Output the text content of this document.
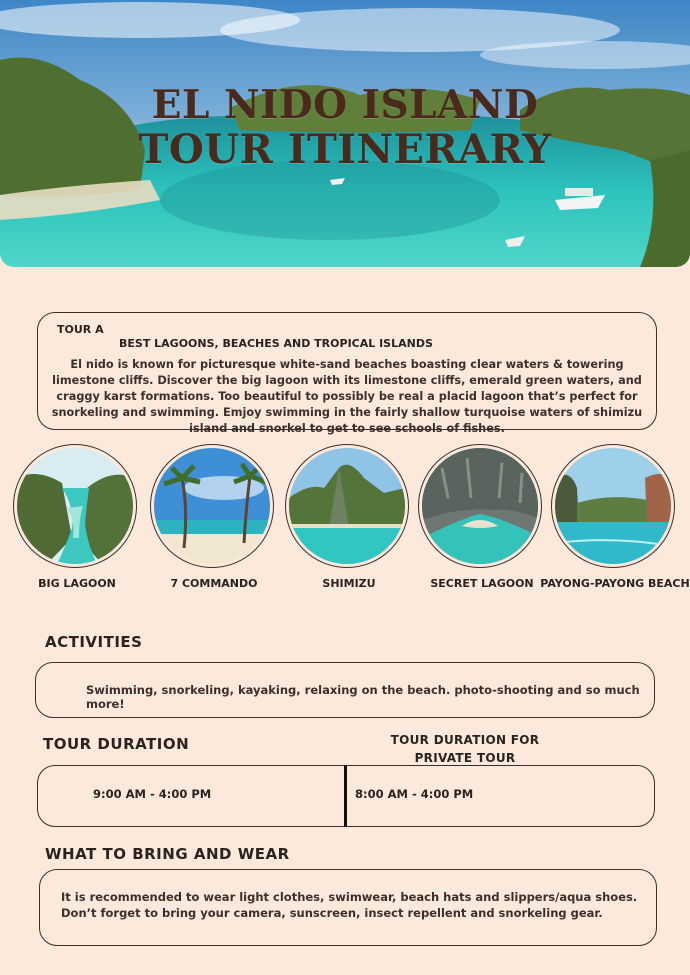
EL NIDO ISLAND
TOUR ITINERARY
TOUR A
BEST LAGOONS, BEACHES AND TROPICAL ISLANDS
El nido is known for picturesque white-sand beaches boasting clear waters & towering limestone cliffs. Discover the big lagoon with its limestone cliffs, emerald green waters, and craggy karst formations. Too beautiful to possibly be real a placid lagoon that’s perfect for snorkeling and swimming. Emjoy swimming in the fairly shallow turquoise waters of shimizu island and snorkel to get to see schools of fishes.
BIG LAGOON	7 COMMANDO	SHIMIZU	SECRET LAGOON PAYONG-PAYONG BEACH
ACTIVITIES
Swimming, snorkeling, kayaking, relaxing on the beach. photo-shooting and so much more!
TOUR DURATION	TOUR DURATION FOR PRIVATE TOUR
9:00 AM - 4:00 PM	8:00 AM - 4:00 PM
WHAT TO BRING AND WEAR
It is recommended to wear light clothes, swimwear, beach hats and slippers/aqua shoes. Don’t forget to bring your camera, sunscreen, insect repellent and snorkeling gear.
